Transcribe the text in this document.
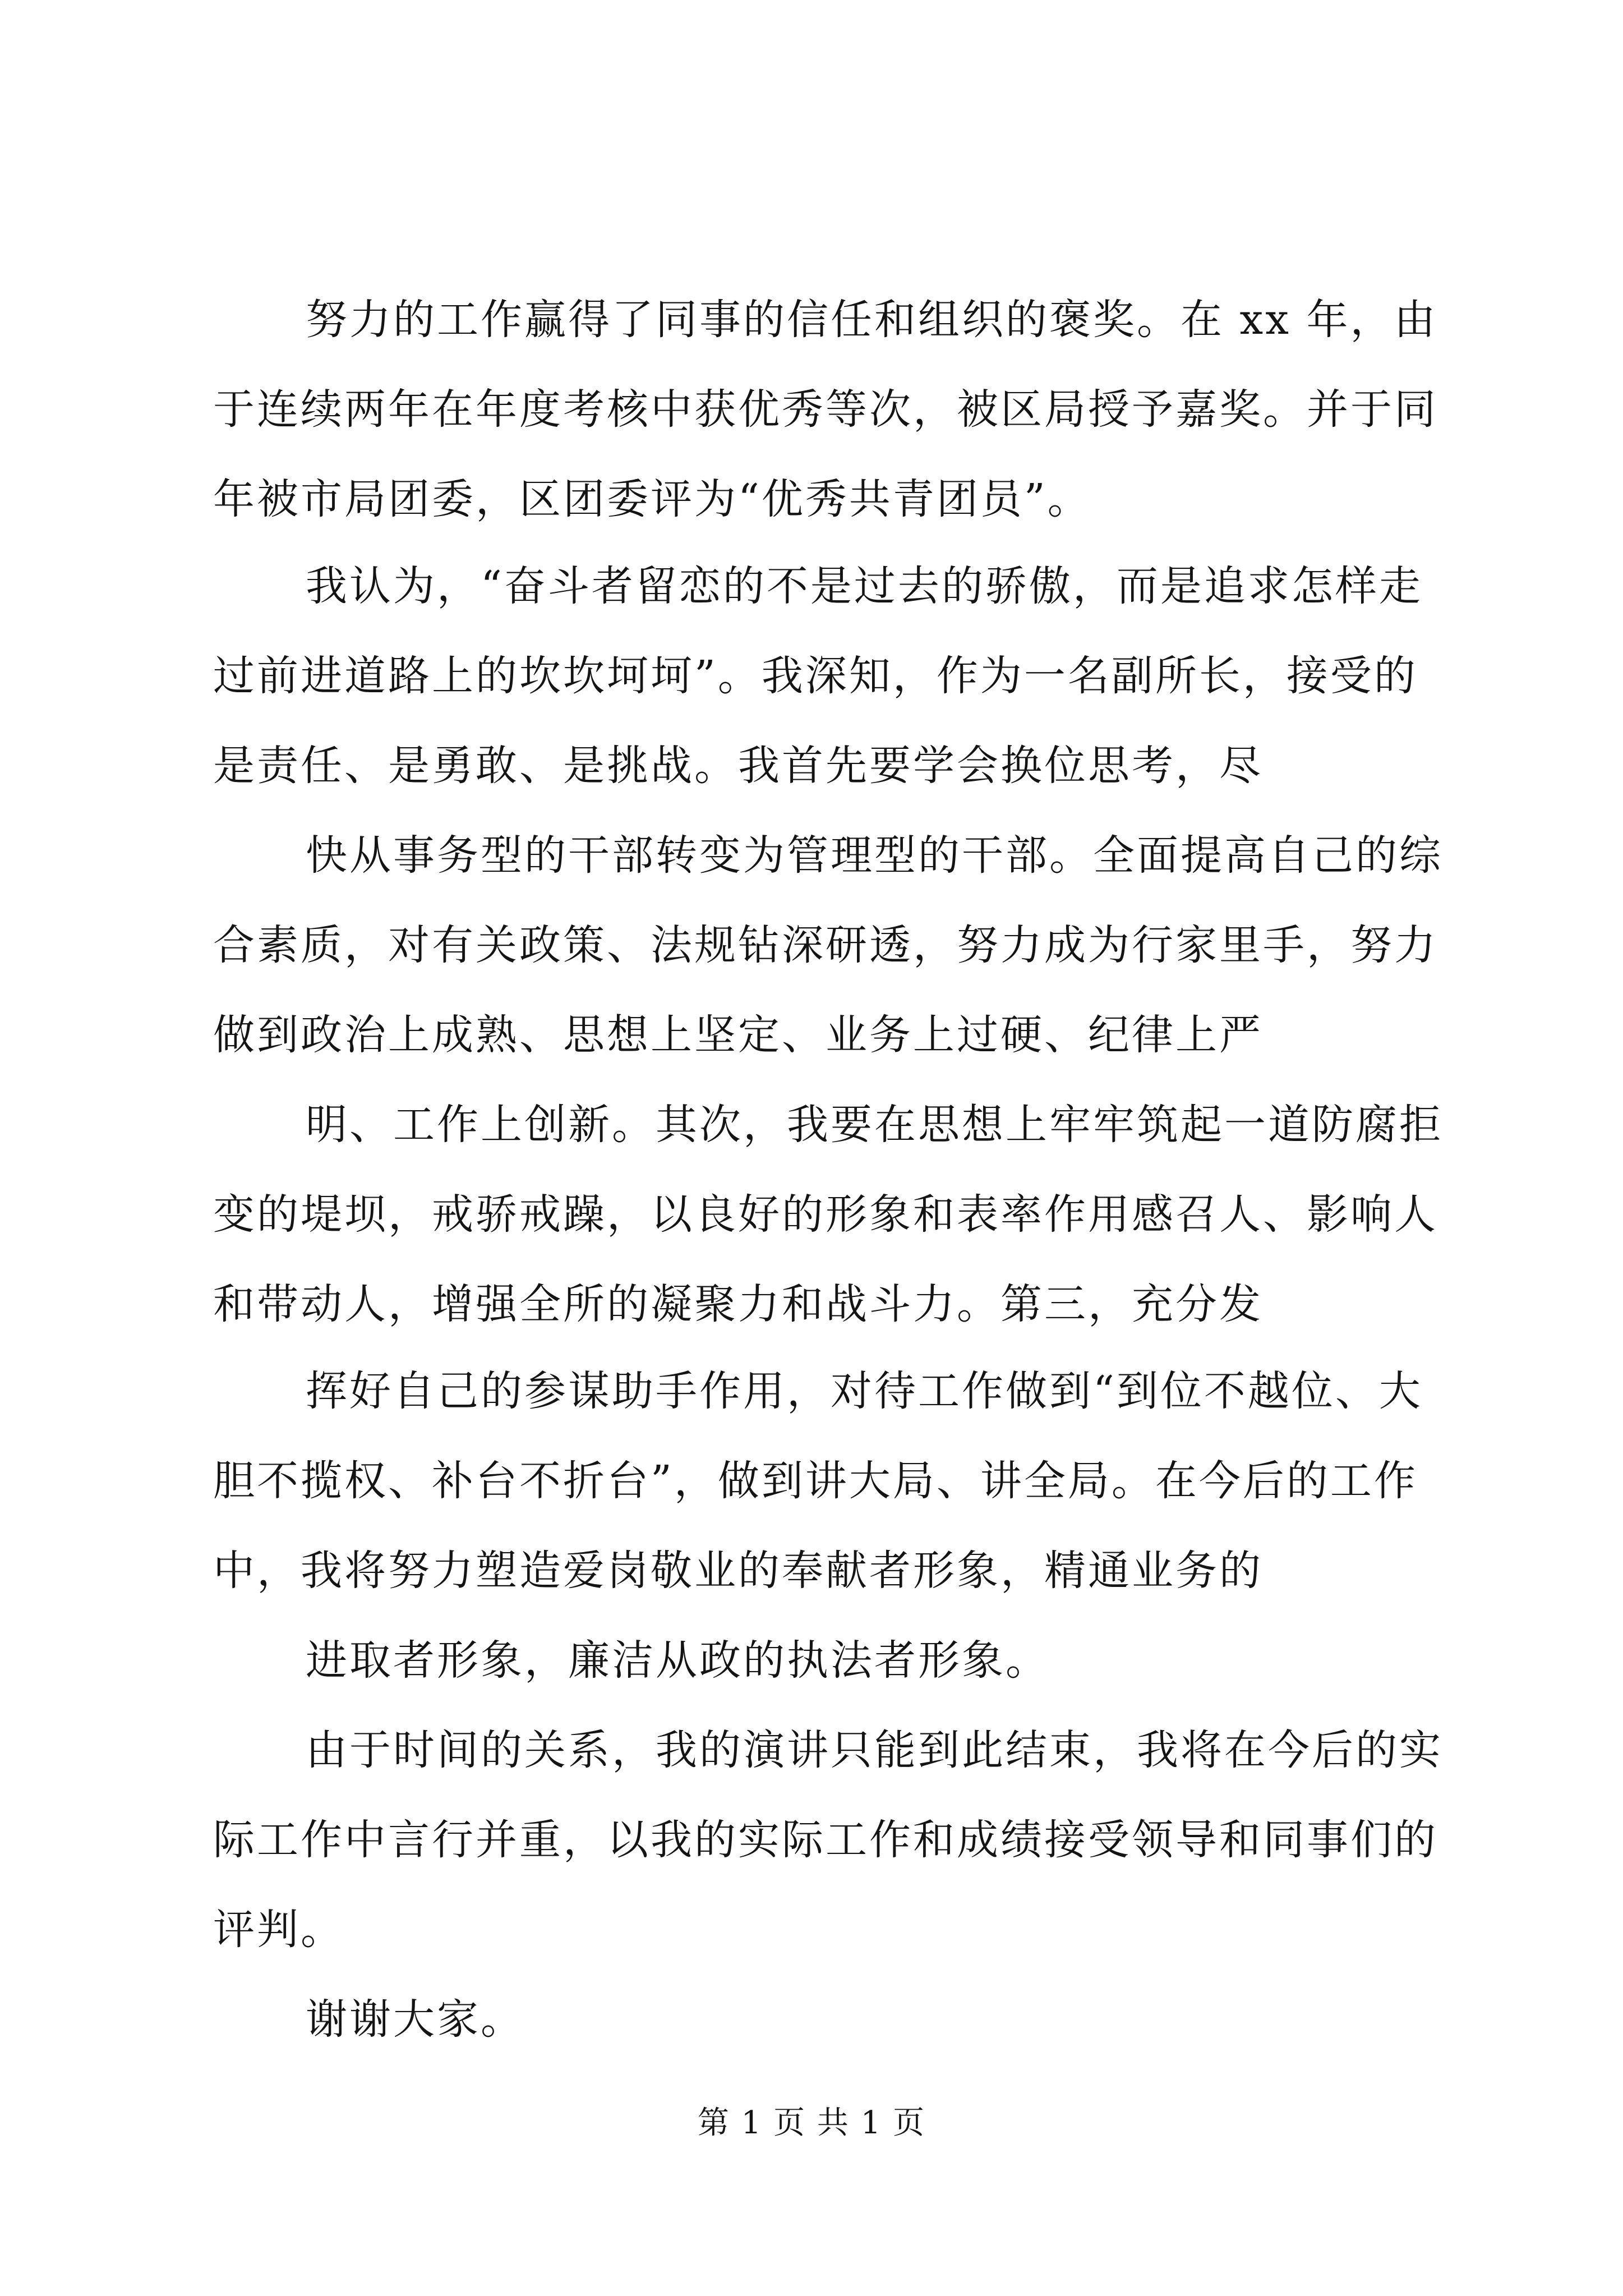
努力的工作赢得了同事的信任和组织的褒奖。在 xx 年，由

于连续两年在年度考核中获优秀等次，被区局授予嘉奖。并于同

年被市局团委，区团委评为“优秀共青团员”。

我认为，“奋斗者留恋的不是过去的骄傲，而是追求怎样走

过前进道路上的坎坎坷坷”。我深知，作为一名副所长，接受的

是责任、是勇敢、是挑战。我首先要学会换位思考，尽

快从事务型的干部转变为管理型的干部。全面提高自己的综

合素质，对有关政策、法规钻深研透，努力成为行家里手，努力

做到政治上成熟、思想上坚定、业务上过硬、纪律上严

明、工作上创新。其次，我要在思想上牢牢筑起一道防腐拒

变的堤坝，戒骄戒躁，以良好的形象和表率作用感召人、影响人

和带动人，增强全所的凝聚力和战斗力。第三，充分发

挥好自己的参谋助手作用，对待工作做到“到位不越位、大

胆不揽权、补台不折台”，做到讲大局、讲全局。在今后的工作

中，我将努力塑造爱岗敬业的奉献者形象，精通业务的

进取者形象，廉洁从政的执法者形象。

由于时间的关系，我的演讲只能到此结束，我将在今后的实

际工作中言行并重，以我的实际工作和成绩接受领导和同事们的

评判。

谢谢大家。

第 1 页 共 1 页
